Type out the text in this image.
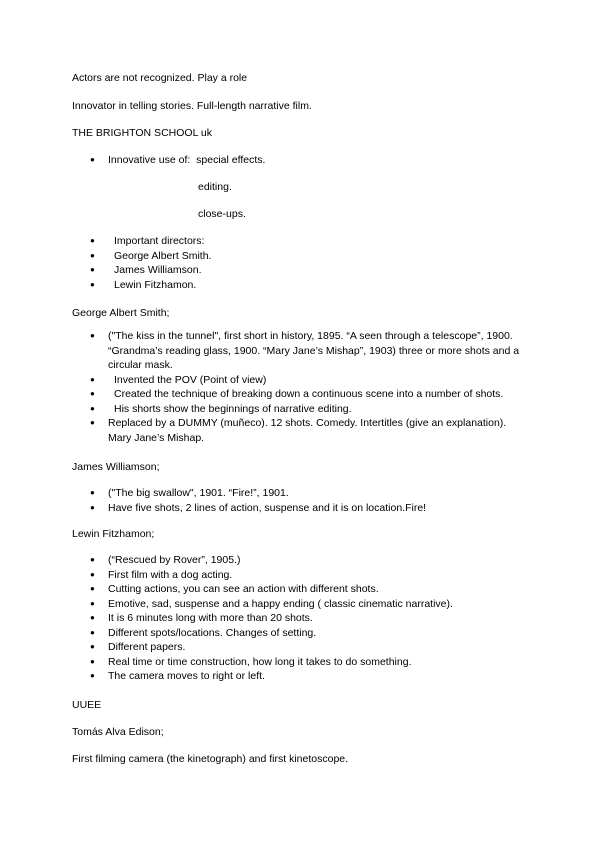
Actors are not recognized. Play a role

Innovator in telling stories. Full-length narrative film.

THE BRIGHTON SCHOOL uk

● Innovative use of: special effects.
editing.
close-ups.
● Important directors:
● George Albert Smith.
● James Williamson.
● Lewin Fitzhamon.

George Albert Smith;

● ("The kiss in the tunnel", first short in history, 1895. “A seen through a telescope”, 1900. “Grandma’s reading glass, 1900. “Mary Jane’s Mishap”, 1903) three or more shots and a circular mask.
● Invented the POV (Point of view)
● Created the technique of breaking down a continuous scene into a number of shots.
● His shorts show the beginnings of narrative editing.
● Replaced by a DUMMY (muñeco). 12 shots. Comedy. Intertitles (give an explanation). Mary Jane’s Mishap.

James Williamson;

● ("The big swallow", 1901. “Fire!”, 1901.
● Have five shots, 2 lines of action, suspense and it is on location.Fire!

Lewin Fitzhamon;

● (“Rescued by Rover”, 1905.)
● First film with a dog acting.
● Cutting actions, you can see an action with different shots.
● Emotive, sad, suspense and a happy ending ( classic cinematic narrative).
● It is 6 minutes long with more than 20 shots.
● Different spots/locations. Changes of setting.
● Different papers.
● Real time or time construction, how long it takes to do something.
● The camera moves to right or left.

UUEE

Tomás Alva Edison;

First filming camera (the kinetograph) and first kinetoscope.
